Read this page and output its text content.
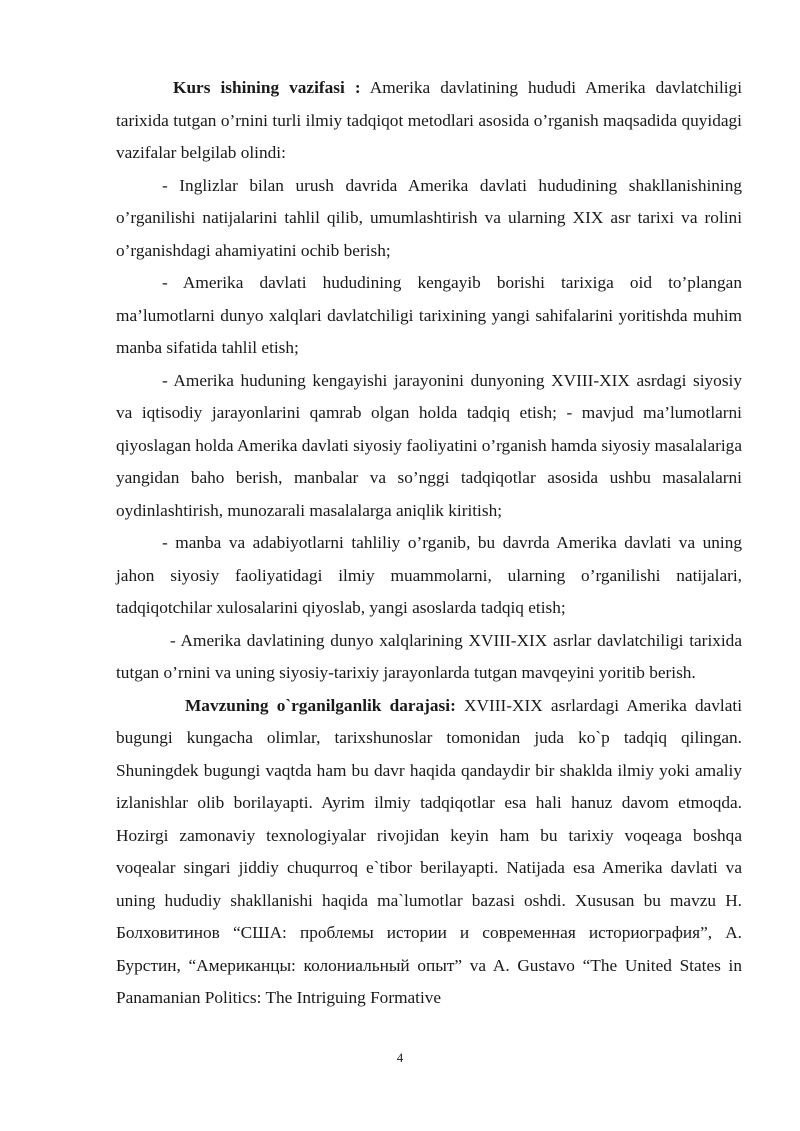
Kurs ishining vazifasi : Amerika davlatining hududi Amerika davlatchiligi tarixida tutgan o’rnini turli ilmiy tadqiqot metodlari asosida o’rganish maqsadida quyidagi vazifalar belgilab olindi:

- Inglizlar bilan urush davrida Amerika davlati hududining shakllanishining o’rganilishi natijalarini tahlil qilib, umumlashtirish va ularning XIX asr tarixi va rolini o’rganishdagi ahamiyatini ochib berish;

- Amerika davlati hududining kengayib borishi tarixiga oid to’plangan ma’lumotlarni dunyo xalqlari davlatchiligi tarixining yangi sahifalarini yoritishda muhim manba sifatida tahlil etish;

- Amerika huduning kengayishi jarayonini dunyoning XVIII-XIX asrdagi siyosiy va iqtisodiy jarayonlarini qamrab olgan holda tadqiq etish; - mavjud ma’lumotlarni qiyoslagan holda Amerika davlati siyosiy faoliyatini o’rganish hamda siyosiy masalalariga yangidan baho berish, manbalar va so’nggi tadqiqotlar asosida ushbu masalalarni oydinlashtirish, munozarali masalalarga aniqlik kiritish;

- manba va adabiyotlarni tahliliy o’rganib, bu davrda Amerika davlati va uning jahon siyosiy faoliyatidagi ilmiy muammolarni, ularning o’rganilishi natijalari, tadqiqotchilar xulosalarini qiyoslab, yangi asoslarda tadqiq etish;

- Amerika davlatining dunyo xalqlarining XVIII-XIX asrlar davlatchiligi tarixida tutgan o’rnini va uning siyosiy-tarixiy jarayonlarda tutgan mavqeyini yoritib berish.

Mavzuning o`rganilganlik darajasi: XVIII-XIX asrlardagi Amerika davlati bugungi kungacha olimlar, tarixshunoslar tomonidan juda ko`p tadqiq qilingan. Shuningdek bugungi vaqtda ham bu davr haqida qandaydir bir shaklda ilmiy yoki amaliy izlanishlar olib borilayapti. Ayrim ilmiy tadqiqotlar esa hali hanuz davom etmoqda. Hozirgi zamonaviy texnologiyalar rivojidan keyin ham bu tarixiy voqeaga boshqa voqealar singari jiddiy chuqurroq e`tibor berilayapti. Natijada esa Amerika davlati va uning hududiy shakllanishi haqida ma`lumotlar bazasi oshdi. Xususan bu mavzu Н. Болховитинов “США: проблемы истории и современная историография”, А. Бурстин, “Американцы: колониальный опыт” va A. Gustavo “The United States in Panamanian Politics: The Intriguing Formative

4
